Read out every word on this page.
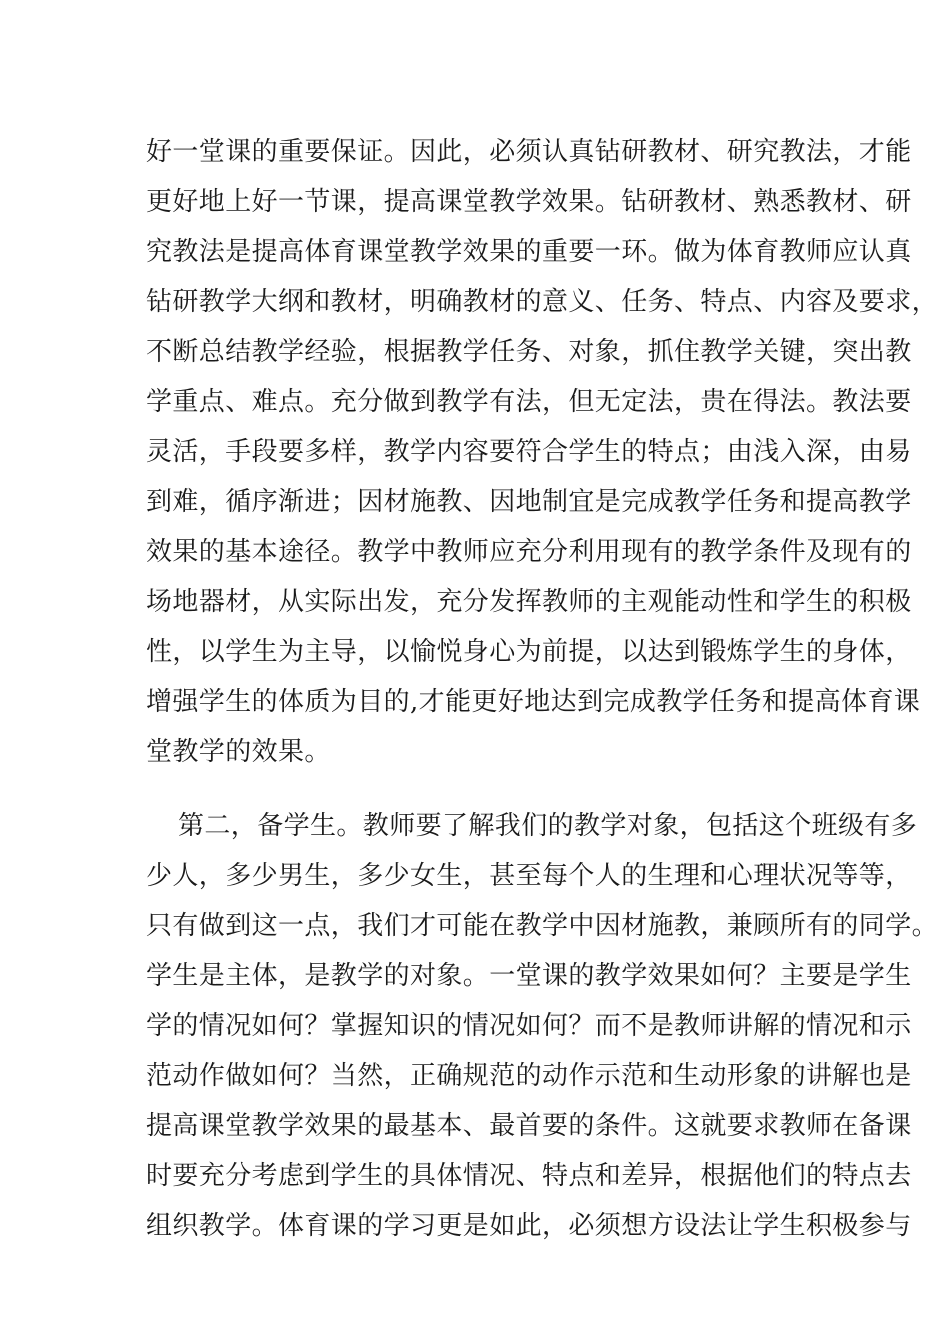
好一堂课的重要保证。因此，必须认真钻研教材、研究教法，才能
更好地上好一节课，提高课堂教学效果。钻研教材、熟悉教材、研
究教法是提高体育课堂教学效果的重要一环。做为体育教师应认真
钻研教学大纲和教材，明确教材的意义、任务、特点、内容及要求，
不断总结教学经验，根据教学任务、对象，抓住教学关键，突出教
学重点、难点。充分做到教学有法，但无定法，贵在得法。教法要
灵活，手段要多样，教学内容要符合学生的特点；由浅入深，由易
到难，循序渐进；因材施教、因地制宜是完成教学任务和提高教学
效果的基本途径。教学中教师应充分利用现有的教学条件及现有的
场地器材，从实际出发，充分发挥教师的主观能动性和学生的积极
性，以学生为主导，以愉悦身心为前提，以达到锻炼学生的身体，
增强学生的体质为目的,才能更好地达到完成教学任务和提高体育课
堂教学的效果。
第二，备学生。教师要了解我们的教学对象，包括这个班级有多
少人，多少男生，多少女生，甚至每个人的生理和心理状况等等，
只有做到这一点，我们才可能在教学中因材施教，兼顾所有的同学。
学生是主体，是教学的对象。一堂课的教学效果如何？主要是学生
学的情况如何？掌握知识的情况如何？而不是教师讲解的情况和示
范动作做如何？当然，正确规范的动作示范和生动形象的讲解也是
提高课堂教学效果的最基本、最首要的条件。这就要求教师在备课
时要充分考虑到学生的具体情况、特点和差异，根据他们的特点去
组织教学。体育课的学习更是如此，必须想方设法让学生积极参与
